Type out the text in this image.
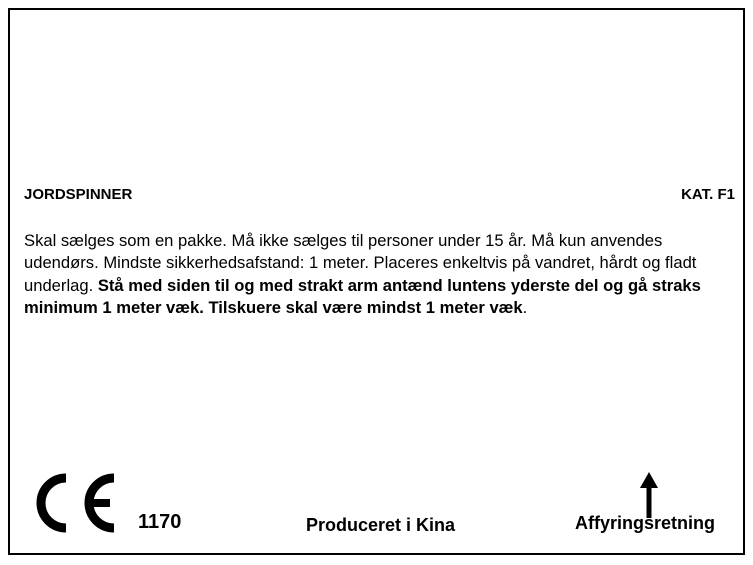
JORDSPINNER	KAT. F1

Skal sælges som en pakke. Må ikke sælges til personer under 15 år. Må kun anvendes udendørs. Mindste sikkerhedsafstand: 1 meter. Placeres enkeltvis på vandret, hårdt og fladt underlag. Stå med siden til og med strakt arm antænd luntens yderste del og gå straks minimum 1 meter væk. Tilskuere skal være mindst 1 meter væk.

1170	Produceret i Kina	Affyringsretning
